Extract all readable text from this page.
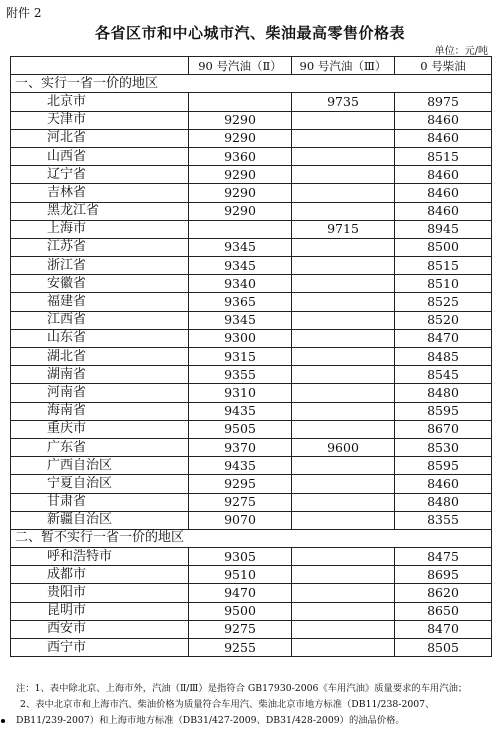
附件 2
各省区市和中心城市汽、柴油最高零售价格表
单位：元/吨
	90 号汽油（Ⅱ）	90 号汽油（Ⅲ）	0 号柴油
一、实行一省一价的地区			
北京市		9735	8975
天津市	9290		8460
河北省	9290		8460
山西省	9360		8515
辽宁省	9290		8460
吉林省	9290		8460
黑龙江省	9290		8460
上海市		9715	8945
江苏省	9345		8500
浙江省	9345		8515
安徽省	9340		8510
福建省	9365		8525
江西省	9345		8520
山东省	9300		8470
湖北省	9315		8485
湖南省	9355		8545
河南省	9310		8480
海南省	9435		8595
重庆市	9505		8670
广东省	9370	9600	8530
广西自治区	9435		8595
宁夏自治区	9295		8460
甘肃省	9275		8480
新疆自治区	9070		8355
二、暂不实行一省一价的地区			
呼和浩特市	9305		8475
成都市	9510		8695
贵阳市	9470		8620
昆明市	9500		8650
西安市	9275		8470
西宁市	9255		8505
注：1、表中除北京、上海市外，汽油（Ⅱ/Ⅲ）是指符合 GB17930-2006《车用汽油》质量要求的车用汽油；
2、表中北京市和上海市汽、柴油价格为质量符合车用汽、柴油北京市地方标准（DB11/238-2007、
DB11/239-2007）和上海市地方标准（DB31/427-2009、DB31/428-2009）的油品价格。
